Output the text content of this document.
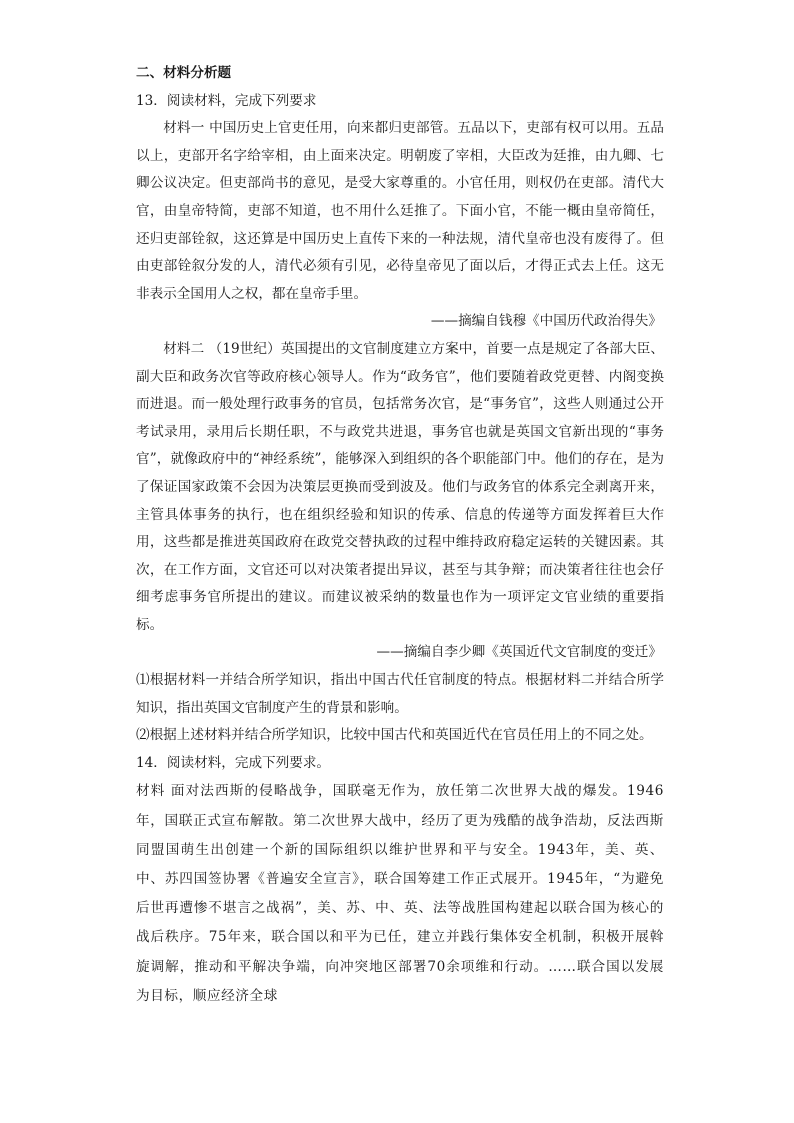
二、材料分析题

13．阅读材料，完成下列要求

材料一 中国历史上官吏任用，向来都归吏部管。五品以下，吏部有权可以用。五品以上，吏部开名字给宰相，由上面来决定。明朝废了宰相，大臣改为廷推，由九卿、七卿公议决定。但吏部尚书的意见，是受大家尊重的。小官任用，则权仍在吏部。清代大官，由皇帝特简，吏部不知道，也不用什么廷推了。下面小官，不能一概由皇帝简任，还归吏部铨叙，这还算是中国历史上直传下来的一种法规，清代皇帝也没有废得了。但由吏部铨叙分发的人，清代必须有引见，必待皇帝见了面以后，才得正式去上任。这无非表示全国用人之权，都在皇帝手里。

——摘编自钱穆《中国历代政治得失》

材料二 （19世纪）英国提出的文官制度建立方案中，首要一点是规定了各部大臣、副大臣和政务次官等政府核心领导人。作为“政务官”，他们要随着政党更替、内阁变换而进退。而一般处理行政事务的官员，包括常务次官，是“事务官”，这些人则通过公开考试录用，录用后长期任职，不与政党共进退，事务官也就是英国文官新出现的“事务官”，就像政府中的“神经系统”，能够深入到组织的各个职能部门中。他们的存在，是为了保证国家政策不会因为决策层更换而受到波及。他们与政务官的体系完全剥离开来，主管具体事务的执行，也在组织经验和知识的传承、信息的传递等方面发挥着巨大作用，这些都是推进英国政府在政党交替执政的过程中维持政府稳定运转的关键因素。其次，在工作方面，文官还可以对决策者提出异议，甚至与其争辩；而决策者往往也会仔细考虑事务官所提出的建议。而建议被采纳的数量也作为一项评定文官业绩的重要指标。

——摘编自李少卿《英国近代文官制度的变迁》

⑴根据材料一并结合所学知识，指出中国古代任官制度的特点。根据材料二并结合所学知识，指出英国文官制度产生的背景和影响。

⑵根据上述材料并结合所学知识，比较中国古代和英国近代在官员任用上的不同之处。

14．阅读材料，完成下列要求。

材料 面对法西斯的侵略战争，国联毫无作为，放任第二次世界大战的爆发。1946年，国联正式宣布解散。第二次世界大战中，经历了更为残酷的战争浩劫，反法西斯同盟国萌生出创建一个新的国际组织以维护世界和平与安全。1943年，美、英、中、苏四国签协署《普遍安全宣言》，联合国筹建工作正式展开。1945年，“为避免后世再遭惨不堪言之战祸”，美、苏、中、英、法等战胜国构建起以联合国为核心的战后秩序。75年来，联合国以和平为已任，建立并践行集体安全机制，积极开展斡旋调解，推动和平解决争端，向冲突地区部署70余项维和行动。……联合国以发展为目标，顺应经济全球
